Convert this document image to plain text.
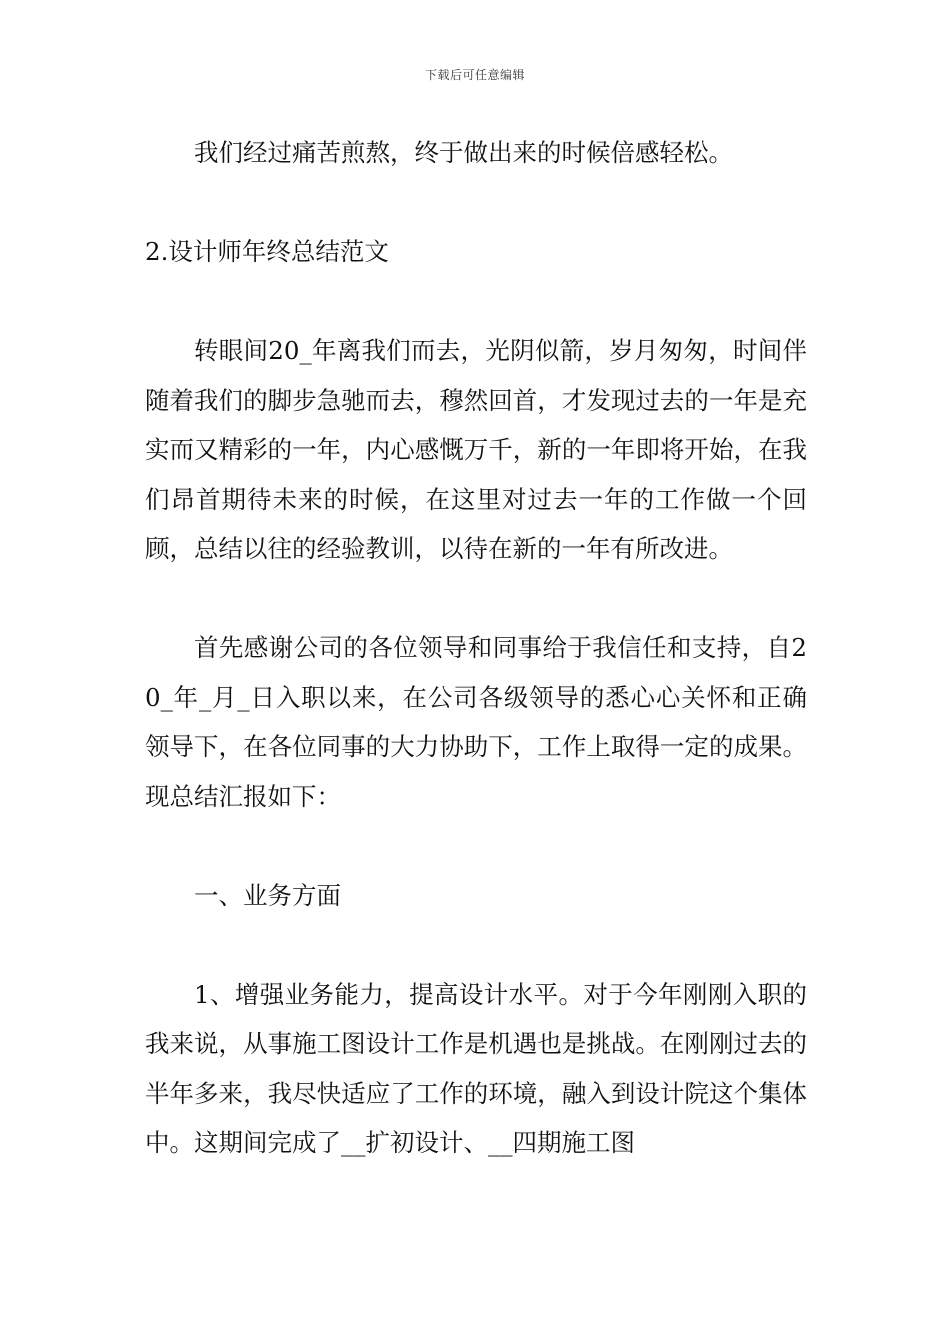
下载后可任意编辑

我们经过痛苦煎熬，终于做出来的时候倍感轻松。

2.设计师年终总结范文

转眼间20_年离我们而去，光阴似箭，岁月匆匆，时间伴随着我们的脚步急驰而去，穆然回首，才发现过去的一年是充实而又精彩的一年，内心感慨万千，新的一年即将开始，在我们昂首期待未来的时候，在这里对过去一年的工作做一个回顾，总结以往的经验教训，以待在新的一年有所改进。

首先感谢公司的各位领导和同事给于我信任和支持，自20_年_月_日入职以来，在公司各级领导的悉心心关怀和正确领导下，在各位同事的大力协助下，工作上取得一定的成果。现总结汇报如下：

一、业务方面

1、增强业务能力，提高设计水平。对于今年刚刚入职的我来说，从事施工图设计工作是机遇也是挑战。在刚刚过去的半年多来，我尽快适应了工作的环境，融入到设计院这个集体中。这期间完成了__扩初设计、__四期施工图
